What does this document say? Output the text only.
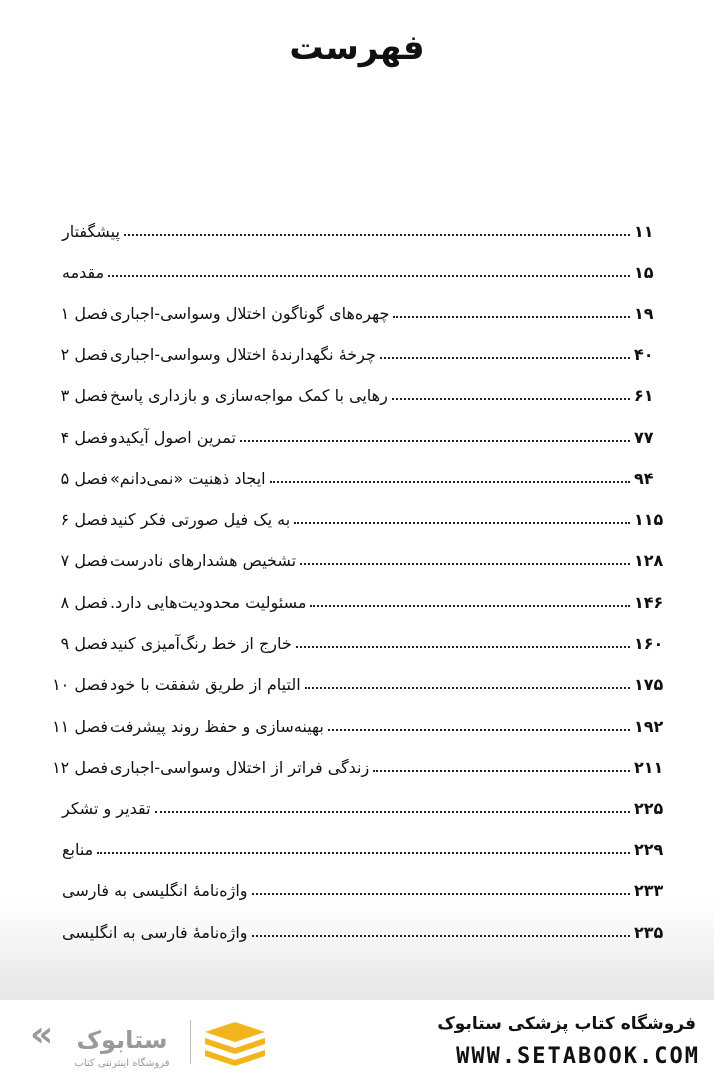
فهرست
پیشگفتار	۱۱
مقدمه	۱۵
فصل ۱ چهره‌های گوناگون اختلال وسواسی-اجباری	۱۹
فصل ۲ چرخهٔ نگهدارندهٔ اختلال وسواسی-اجباری	۴۰
فصل ۳ رهایی با کمک مواجه‌سازی و بازداری پاسخ	۶۱
فصل ۴ تمرین اصول آیکیدو	۷۷
فصل ۵ ایجاد ذهنیت «نمی‌دانم»	۹۴
فصل ۶ به یک فیل صورتی فکر کنید	۱۱۵
فصل ۷ تشخیص هشدارهای نادرست	۱۲۸
فصل ۸ مسئولیت محدودیت‌هایی دارد.	۱۴۶
فصل ۹ خارج از خط رنگ‌آمیزی کنید	۱۶۰
فصل ۱۰ التیام از طریق شفقت با خود	۱۷۵
فصل ۱۱ بهینه‌سازی و حفظ روند پیشرفت	۱۹۲
فصل ۱۲ زندگی فراتر از اختلال وسواسی-اجباری	۲۱۱
تقدیر و تشکر	۲۲۵
منابع	۲۲۹
واژه‌نامهٔ انگلیسی به فارسی	۲۳۳
واژه‌نامهٔ فارسی به انگلیسی	۲۳۵
« ستابوک
فروشگاه اینترنتی کتاب
فروشگاه کتاب پزشکی ستابوک
WWW.SETABOOK.COM
